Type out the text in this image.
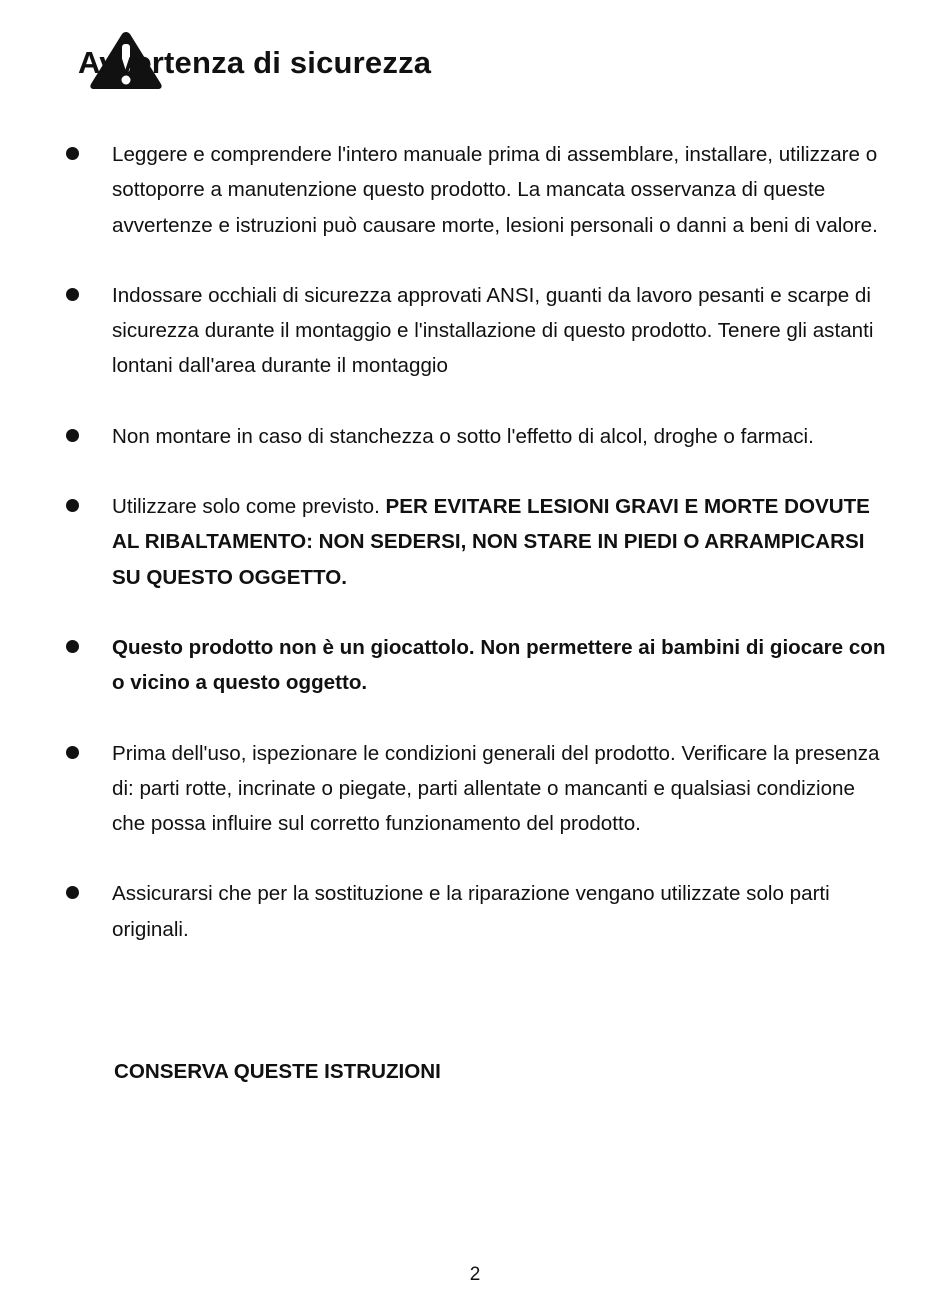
Avvertenza di sicurezza
Leggere e comprendere l'intero manuale prima di assemblare, installare, utilizzare o sottoporre a manutenzione questo prodotto. La mancata osservanza di queste avvertenze e istruzioni può causare morte, lesioni personali o danni a beni di valore.
Indossare occhiali di sicurezza approvati ANSI, guanti da lavoro pesanti e scarpe di sicurezza durante il montaggio e l'installazione di questo prodotto. Tenere gli astanti lontani dall'area durante il montaggio
Non montare in caso di stanchezza o sotto l'effetto di alcol, droghe o farmaci.
Utilizzare solo come previsto. PER EVITARE LESIONI GRAVI E MORTE DOVUTE AL RIBALTAMENTO: NON SEDERSI, NON STARE IN PIEDI O ARRAMPICARSI SU QUESTO OGGETTO.
Questo prodotto non è un giocattolo. Non permettere ai bambini di giocare con o vicino a questo oggetto.
Prima dell'uso, ispezionare le condizioni generali del prodotto. Verificare la presenza di: parti rotte, incrinate o piegate, parti allentate o mancanti e qualsiasi condizione che possa influire sul corretto funzionamento del prodotto.
Assicurarsi che per la sostituzione e la riparazione vengano utilizzate solo parti originali.
CONSERVA QUESTE ISTRUZIONI
2
